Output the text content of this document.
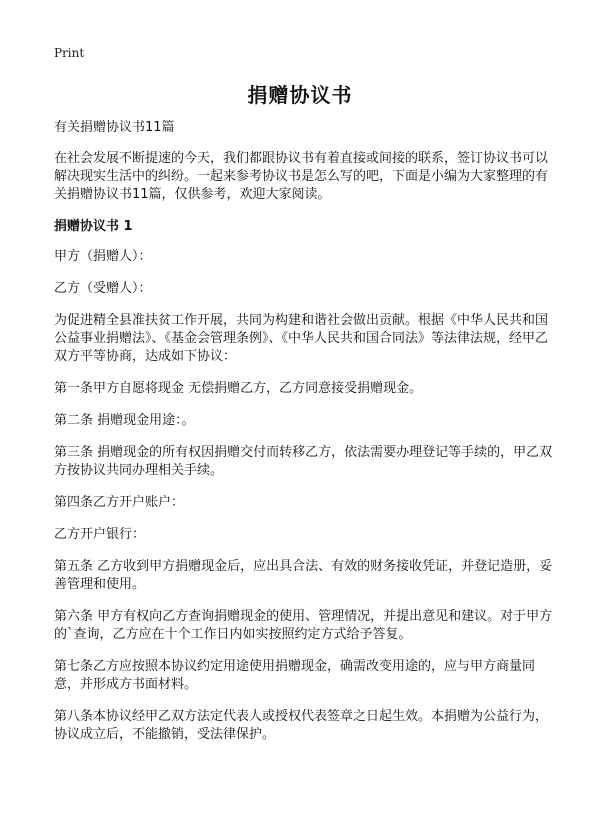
Print
捐赠协议书

有关捐赠协议书11篇

在社会发展不断提速的今天，我们都跟协议书有着直接或间接的联系，签订协议书可以解决现实生活中的纠纷。一起来参考协议书是怎么写的吧，下面是小编为大家整理的有关捐赠协议书11篇，仅供参考，欢迎大家阅读。

捐赠协议书 1

甲方（捐赠人）：

乙方（受赠人）：

为促进精全县准扶贫工作开展，共同为构建和谐社会做出贡献。根据《中华人民共和国公益事业捐赠法》、《基金会管理条例》、《中华人民共和国合同法》等法律法规，经甲乙双方平等协商，达成如下协议：

第一条甲方自愿将现金 无偿捐赠乙方，乙方同意接受捐赠现金。

第二条 捐赠现金用途：。

第三条 捐赠现金的所有权因捐赠交付而转移乙方，依法需要办理登记等手续的，甲乙双方按协议共同办理相关手续。

第四条乙方开户账户：

乙方开户银行：

第五条 乙方收到甲方捐赠现金后，应出具合法、有效的财务接收凭证，并登记造册，妥善管理和使用。

第六条 甲方有权向乙方查询捐赠现金的使用、管理情况，并提出意见和建议。对于甲方的`查询，乙方应在十个工作日内如实按照约定方式给予答复。

第七条乙方应按照本协议约定用途使用捐赠现金，确需改变用途的，应与甲方商量同意，并形成方书面材料。

第八条本协议经甲乙双方法定代表人或授权代表签章之日起生效。本捐赠为公益行为，协议成立后，不能撤销，受法律保护。
